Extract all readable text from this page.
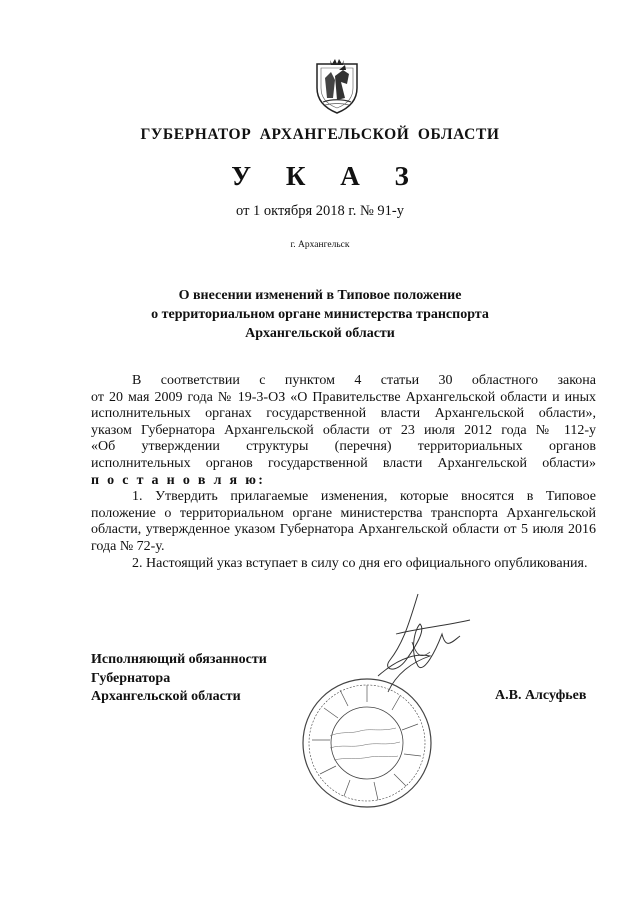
ГУБЕРНАТОР АРХАНГЕЛЬСКОЙ ОБЛАСТИ
У К А З
от 1 октября 2018 г. № 91-у
г. Архангельск
О внесении изменений в Типовое положение
о территориальном органе министерства транспорта
Архангельской области

В соответствии с пунктом 4 статьи 30 областного закона

от 20 мая 2009 года № 19-3-ОЗ «О Правительстве Архангельской области и иных

исполнительных органах государственной власти Архангельской области»,

указом Губернатора Архангельской области от 23 июля 2012 года № 112-у

«Об утверждении структуры (перечня) территориальных органов

исполнительных органов государственной власти Архангельской области»

п о с т а н о в л я ю:

1. Утвердить прилагаемые изменения, которые вносятся в Типовое положение о территориальном органе министерства транспорта Архангельской области, утвержденное указом Губернатора Архангельской области от 5 июля 2016 года № 72-у.

2. Настоящий указ вступает в силу со дня его официального опубликования.

Исполняющий обязанности
Губернатора
Архангельской области	А.В. Алсуфьев
